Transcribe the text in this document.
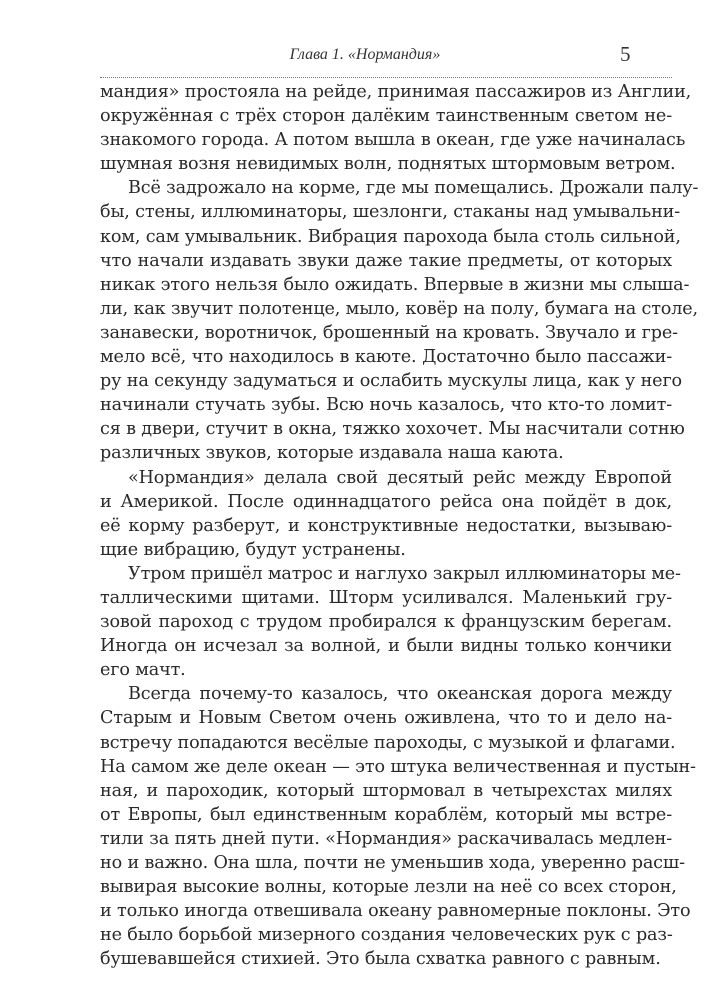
Глава 1. «Нормандия»	5
мандия» простояла на рейде, принимая пассажиров из Англии,
окружённая с трёх сторон далёким таинственным светом не-
знакомого города. А потом вышла в океан, где уже начиналась
шумная возня невидимых волн, поднятых штормовым ветром.
Всё задрожало на корме, где мы помещались. Дрожали палу-
бы, стены, иллюминаторы, шезлонги, стаканы над умывальни-
ком, сам умывальник. Вибрация парохода была столь сильной,
что начали издавать звуки даже такие предметы, от которых
никак этого нельзя было ожидать. Впервые в жизни мы слыша-
ли, как звучит полотенце, мыло, ковёр на полу, бумага на столе,
занавески, воротничок, брошенный на кровать. Звучало и гре-
мело всё, что находилось в каюте. Достаточно было пассажи-
ру на секунду задуматься и ослабить мускулы лица, как у него
начинали стучать зубы. Всю ночь казалось, что кто-то ломит-
ся в двери, стучит в окна, тяжко хохочет. Мы насчитали сотню
различных звуков, которые издавала наша каюта.
«Нормандия» делала свой десятый рейс между Европой
и Америкой. После одиннадцатого рейса она пойдёт в док,
её корму разберут, и конструктивные недостатки, вызываю-
щие вибрацию, будут устранены.
Утром пришёл матрос и наглухо закрыл иллюминаторы ме-
таллическими щитами. Шторм усиливался. Маленький гру-
зовой пароход с трудом пробирался к французским берегам.
Иногда он исчезал за волной, и были видны только кончики
его мачт.
Всегда почему-то казалось, что океанская дорога между
Старым и Новым Светом очень оживлена, что то и дело на-
встречу попадаются весёлые пароходы, с музыкой и флагами.
На самом же деле океан — это штука величественная и пустын-
ная, и пароходик, который штормовал в четырехстах милях
от Европы, был единственным кораблём, который мы встре-
тили за пять дней пути. «Нормандия» раскачивалась медлен-
но и важно. Она шла, почти не уменьшив хода, уверенно расш-
вывирая высокие волны, которые лезли на неё со всех сторон,
и только иногда отвешивала океану равномерные поклоны. Это
не было борьбой мизерного создания человеческих рук с раз-
бушевавшейся стихией. Это была схватка равного с равным.
